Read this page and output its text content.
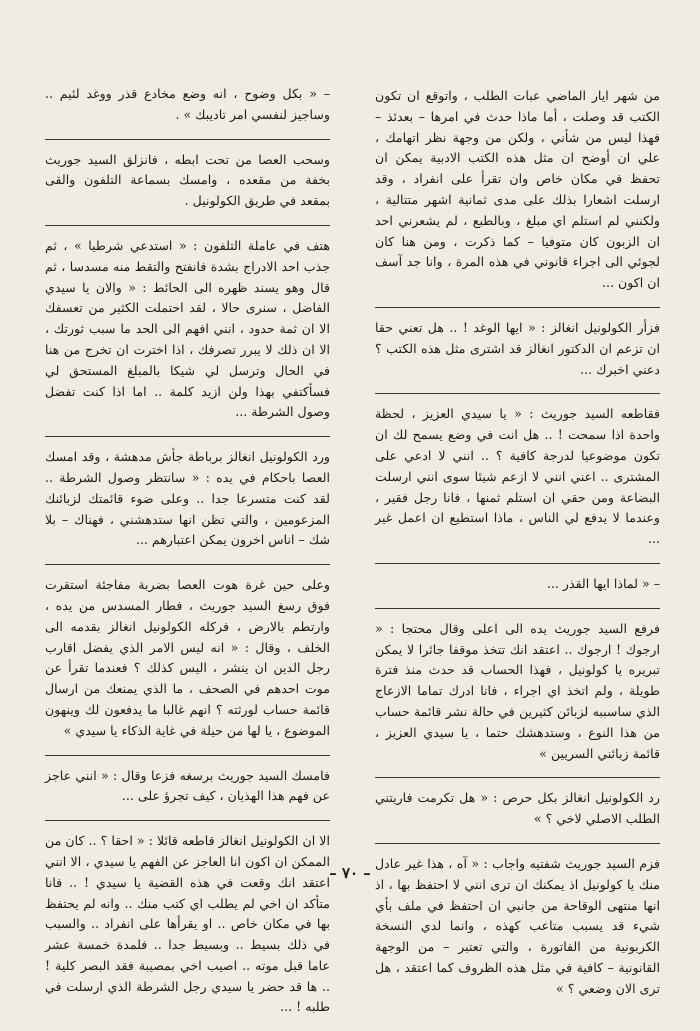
من شهر ايار الماضي عبات الطلب ، واتوقع ان تكون الكتب قد وصلت ، أما ماذا حدث في امرها – بعدئذ – فهذا ليس من شأني ، ولكن من وجهة نظر اتهامك ، علي ان أوضح ان مثل هذه الكتب الادبية يمكن ان تحفظ في مكان خاص وان تقرأ على انفراد ، وقد ارسلت اشعارا بذلك على مدى ثمانية اشهر متتالية ، ولكنني لم استلم اي مبلغ ، وبالطبع ، لم يشعرني احد ان الزبون كان متوفيا – كما ذكرت ، ومن هنا كان لجوئي الى اجراء قانوني في هذه المرة ، وانا جد آسف ان اكون ...

فزأر الكولونيل انغالز : « ايها الوغد ! .. هل تعني حقا ان تزعم ان الدكتور انغالز قد اشترى مثل هذه الكتب ؟ دعني اخبرك ...

فقاطعه السيد جوريث : « يا سيدي العزيز ، لحظة واحدة اذا سمحت ! .. هل انت في وضع يسمح لك ان تكون موضوعيا لدرجة كافية ؟ .. انني لا ادعي على المشترى .. اعني انني لا ازعم شيئا سوى انني ارسلت البضاعة ومن حقي ان استلم ثمنها ، فانا رجل فقير ، وعندما لا يدفع لي الناس ، ماذا استطيع ان اعمل غير ...

– « لماذا ايها القذر ...

فرفع السيد جوريث يده الى اعلى وقال محتجا : « ارجوك ! ارجوك .. اعتقد انك تتخذ موقفا جائرا لا يمكن تبريره يا كولونيل ، فهذا الحساب قد حدث منذ فترة طويلة ، ولم اتخذ اي اجراء ، فانا ادرك تماما الازعاج الذي ساسببه لزبائن كثيرين في حالة نشر قائمة حساب من هذا النوع ، وستدهشك حتما ، يا سيدي العزيز ، قائمة زبائني السريين »

رد الكولونيل انغالز بكل حرص : « هل تكرمت فاريتني الطلب الاصلي لاخي ؟ »

فزم السيد جوريث شفتيه واجاب : « آه ، هذا غير عادل منك يا كولونيل اذ يمكنك ان ترى انني لا احتفظ بها ، اذ انها منتهى الوقاحة من جانبي ان احتفظ في ملف بأي شيء قد يسبب متاعب كهذه ، وانما لدي النسخة الكربونية من الفاتورة ، والتي تعتبر – من الوجهة القانونية – كافية في مثل هذه الظروف كما اعتقد ، هل ترى الان وضعي ؟ »

– « بكل وضوح ، انه وضع مخادع قذر ووغد لئيم .. وساجيز لنفسي امر تاديبك » .

وسحب العصا من تحت ابطه ، فانزلق السيد جوريث بخفة من مقعده ، وامسك بسماعة التلفون والقى بمقعد في طريق الكولونيل .

هتف في عاملة التلفون : « استدعي شرطيا » ، ثم جذب احد الادراج بشدة فانفتح والتقط منه مسدسا ، ثم قال وهو يسند ظهره الى الحائط : « والان يا سيدي الفاضل ، سنرى حالا ، لقد احتملت الكثير من تعسفك الا ان ثمة حدود ، انني افهم الى الحد ما سبب ثورتك ، الا ان ذلك لا يبرر تصرفك ، اذا اخترت ان تخرج من هنا في الحال وترسل لي شيكا بالمبلغ المستحق لي فسأكتفي بهذا ولن ازيد كلمة .. اما اذا كنت تفضل وصول الشرطة ...

ورد الكولونيل انغالز برباطة جأش مدهشة ، وقد امسك العصا باحكام في يده : « سانتظر وصول الشرطة .. لقد كنت متسرعا جدا .. وعلى ضوء قائمتك لزبائنك المزعومين ، والتي تظن انها ستدهشني ، فهناك – بلا شك – اناس اخرون يمكن اعتبارهم ...

وعلى حين غرة هوت العصا بضربة مفاجئة استقرت فوق رسغ السيد جوريث ، فطار المسدس من يده ، وارتطم بالارض ، فركله الكولونيل انغالز بقدمه الى الخلف ، وقال : « انه ليس الامر الذي يفضل اقارب رجل الدين ان ينشر ، اليس كذلك ؟ فعندما تقرأ عن موت احدهم في الصحف ، ما الذي يمنعك من ارسال قائمة حساب لورثته ؟ انهم غالبا ما يدفعون لك وينهون الموضوع ، يا لها من حيلة في غاية الذكاء يا سيدي »

فامسك السيد جوريث برسغه فزعا وقال : « انني عاجز عن فهم هذا الهذيان ، كيف تجرؤ على ...

الا ان الكولونيل انغالز قاطعه قائلا : « احقا ؟ .. كان من الممكن ان اكون انا العاجز عن الفهم يا سيدي ، الا انني اعتقد انك وقعت في هذه القضية يا سيدي ! .. فانا متأكد ان اخي لم يطلب اي كتب منك .. وانه لم يحتفظ بها في مكان خاص .. او يقرأها على انفراد .. والسبب في ذلك بسيط .. وبسيط جدا .. فلمدة خمسة عشر عاما قبل موته .. اصيب اخي بمصيبة فقد البصر كلية ! .. ها قد حضر يا سيدي رجل الشرطة الذي ارسلت في طلبه ! ...

– ٧٠ –
